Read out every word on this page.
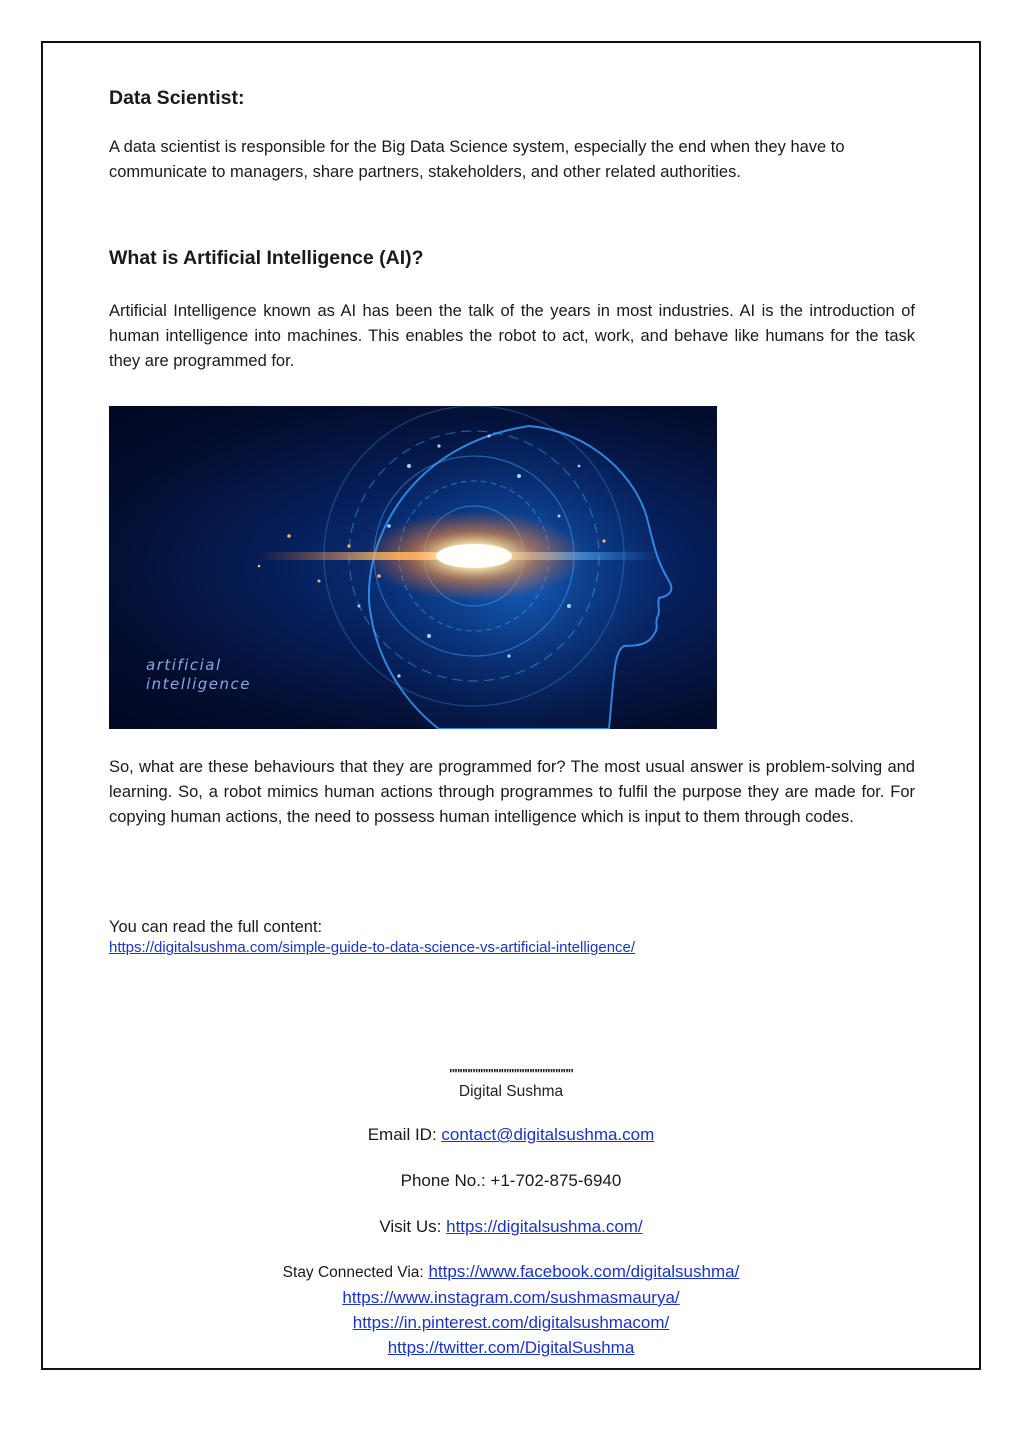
Data Scientist:

A data scientist is responsible for the Big Data Science system, especially the end when they have to communicate to managers, share partners, stakeholders, and other related authorities.

What is Artificial Intelligence (AI)?

Artificial Intelligence known as AI has been the talk of the years in most industries. AI is the introduction of human intelligence into machines. This enables the robot to act, work, and behave like humans for the task they are programmed for.

artificial
intelligence

So, what are these behaviours that they are programmed for? The most usual answer is problem-solving and learning. So, a robot mimics human actions through programmes to fulfil the purpose they are made for. For copying human actions, the need to possess human intelligence which is input to them through codes.

You can read the full content:
https://digitalsushma.com/simple-guide-to-data-science-vs-artificial-intelligence/
""""""""""""""""""""""""
Digital Sushma
Email ID: contact@digitalsushma.com
Phone No.: +1-702-875-6940
Visit Us: https://digitalsushma.com/
Stay Connected Via: https://www.facebook.com/digitalsushma/
https://www.instagram.com/sushmasmaurya/
https://in.pinterest.com/digitalsushmacom/
https://twitter.com/DigitalSushma
